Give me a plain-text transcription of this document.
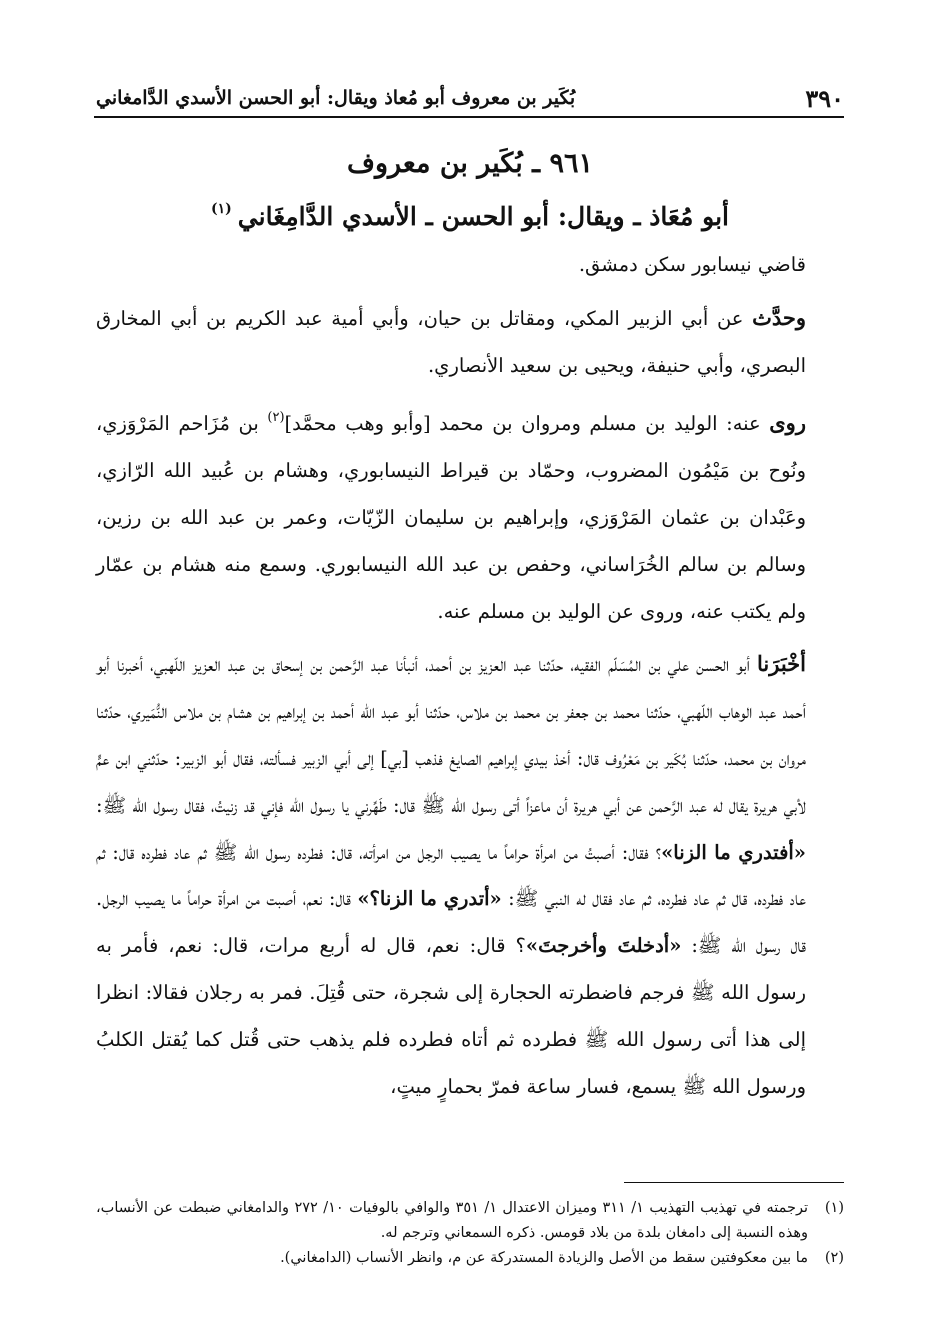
٣٩٠
بُكَير بن معروف أبو مُعاذ ويقال: أبو الحسن الأسدي الدَّامغاني
٩٦١ ـ بُكَير بن معروف
أبو مُعَاذ ـ ويقال: أبو الحسن ـ الأسدي الدَّامِغَاني$^{(١)}$

قاضي نيسابور سكن دمشق.

وحدَّث عن أبي الزبير المكي، ومقاتل بن حيان، وأبي أمية عبد الكريم بن أبي المخارق البصري، وأبي حنيفة، ويحيى بن سعيد الأنصاري.

روى عنه: الوليد بن مسلم ومروان بن محمد [وأبو وهب محمَّد]$^{(٢)}$ بن مُزَاحم المَرْوَزي، ونُوح بن مَيْمُون المضروب، وحمّاد بن قيراط النيسابوري، وهشام بن عُبيد الله الرّازي، وعَبْدان بن عثمان المَرْوَزي، وإبراهيم بن سليمان الزّيّات، وعمر بن عبد الله بن رزين، وسالم بن سالم الخُرَاساني، وحفص بن عبد الله النيسابوري. وسمع منه هشام بن عمّار ولم يكتب عنه، وروى عن الوليد بن مسلم عنه.

أخْبَرَنا أبو الحسن علي بن المُسَلّم الفقيه، حدّثنا عبد العزيز بن أحمد، أنبأنا عبد الرَّحمن بن إسحاق بن عبد العزيز اللّهبي، أخبرنا أبو أحمد عبد الوهاب اللّهبي، حدّثنا محمد بن جعفر بن محمد بن ملاس، حدّثنا أبو عبد الله أحمد بن إبراهيم بن هشام بن ملاس النُّمَيري، حدّثنا مروان بن محمد، حدّثنا بُكَير بن مَعْرُوف قال: أخذ بيدي إبراهيم الصايغ فذهب [بي] إلى أبي الزبير فسألته، فقال أبو الزبير: حدّثني ابن عمٍّ لأبي هريرة يقال له عبد الرَّحمن عن أبي هريرة أن ماعزاً أتى رسول الله ﷺ قال: طَهِّرني يا رسول الله فإني قد زنيتُ، فقال رسول الله ﷺ: «أفتدري ما الزنا»؟ فقال: أصبتُ من امرأة حراماً ما يصيب الرجل من امرأته، قال: فطرده رسول الله ﷺ ثم عاد فطرده قال: ثم عاد فطرده، قال ثم عاد فطرده، ثم عاد فقال له النبي ﷺ: «أتدري ما الزنا؟» قال: نعم، أصبت من امرأة حراماً ما يصيب الرجل. قال رسول الله ﷺ: «أدخلتَ وأخرجتَ»؟ قال: نعم، قال له أربع مرات، قال: نعم، فأمر به رسول الله ﷺ فرجم فاضطرته الحجارة إلى شجرة، حتى قُتِلَ. فمر به رجلان فقالا: انظرا إلى هذا أتى رسول الله ﷺ فطرده ثم أتاه فطرده فلم يذهب حتى قُتل كما يُقتل الكلبُ ورسول الله ﷺ يسمع، فسار ساعة فمرّ بحمارٍ ميتٍ،

(١)
ترجمته في تهذيب التهذيب ١/ ٣١١ وميزان الاعتدال ١/ ٣٥١ والوافي بالوفيات ١٠/ ٢٧٢ والدامغاني ضبطت عن الأنساب، وهذه النسبة إلى دامغان بلدة من بلاد قومس. ذكره السمعاني وترجم له.

(٢)
ما بين معكوفتين سقط من الأصل والزيادة المستدركة عن م، وانظر الأنساب (الدامغاني).
